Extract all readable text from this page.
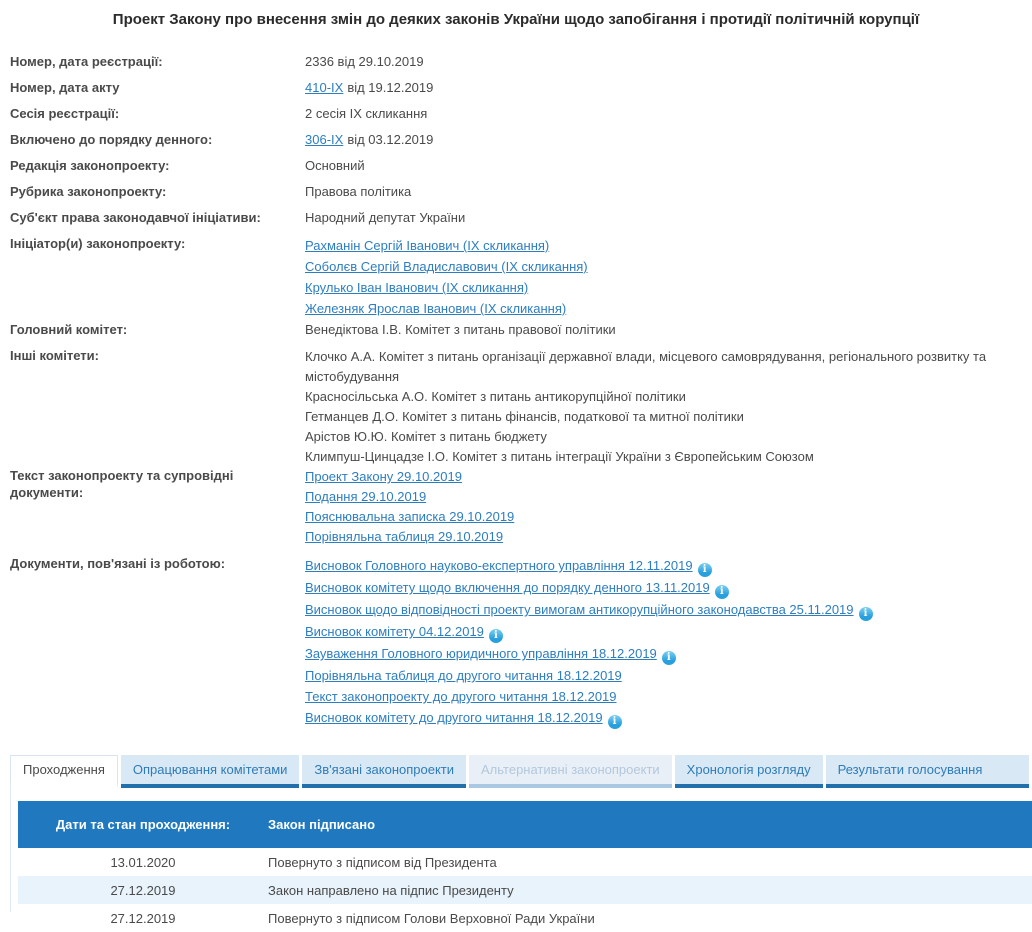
Проект Закону про внесення змін до деяких законів України щодо запобігання і протидії політичній корупції
Номер, дата реєстрації:	2336 від 29.10.2019
Номер, дата акту	410-IX від 19.12.2019
Сесія реєстрації:	2 сесія IX скликання
Включено до порядку денного:	306-IX від 03.12.2019
Редакція законопроекту:	Основний
Рубрика законопроекту:	Правова політика
Суб'єкт права законодавчої ініціативи:	Народний депутат України
Ініціатор(и) законопроекту:	Рахманін Сергій Іванович (IX скликання)
Соболєв Сергій Владиславович (IX скликання)
Крулько Іван Іванович (IX скликання)
Железняк Ярослав Іванович (IX скликання)
Головний комітет:	Венедіктова І.В. Комітет з питань правової політики
Інші комітети:	Клочко А.А. Комітет з питань організації державної влади, місцевого самоврядування, регіонального розвитку та містобудування
Красносільська А.О. Комітет з питань антикорупційної політики
Гетманцев Д.О. Комітет з питань фінансів, податкової та митної політики
Арістов Ю.Ю. Комітет з питань бюджету
Климпуш-Цинцадзе І.О. Комітет з питань інтеграції України з Європейським Союзом
Текст законопроекту та супровідні документи:
Проект Закону 29.10.2019
Подання 29.10.2019
Пояснювальна записка 29.10.2019
Порівняльна таблиця 29.10.2019
Документи, пов'язані із роботою:	Висновок Головного науково-експертного управління 12.11.2019 i
Висновок комітету щодо включення до порядку денного 13.11.2019 i
Висновок щодо відповідності проекту вимогам антикорупційного законодавства 25.11.2019 i
Висновок комітету 04.12.2019 i
Зауваження Головного юридичного управління 18.12.2019 i
Порівняльна таблиця до другого читання 18.12.2019
Текст законопроекту до другого читання 18.12.2019
Висновок комітету до другого читання 18.12.2019 i
Проходження	Опрацювання комітетами	Зв'язані законопроекти	Альтернативні законопроекти	Хронологія розгляду	Результати голосування
Дати та стан проходження:	Закон підписано
13.01.2020	Повернуто з підписом від Президента
27.12.2019	Закон направлено на підпис Президенту
27.12.2019	Повернуто з підписом Голови Верховної Ради України
